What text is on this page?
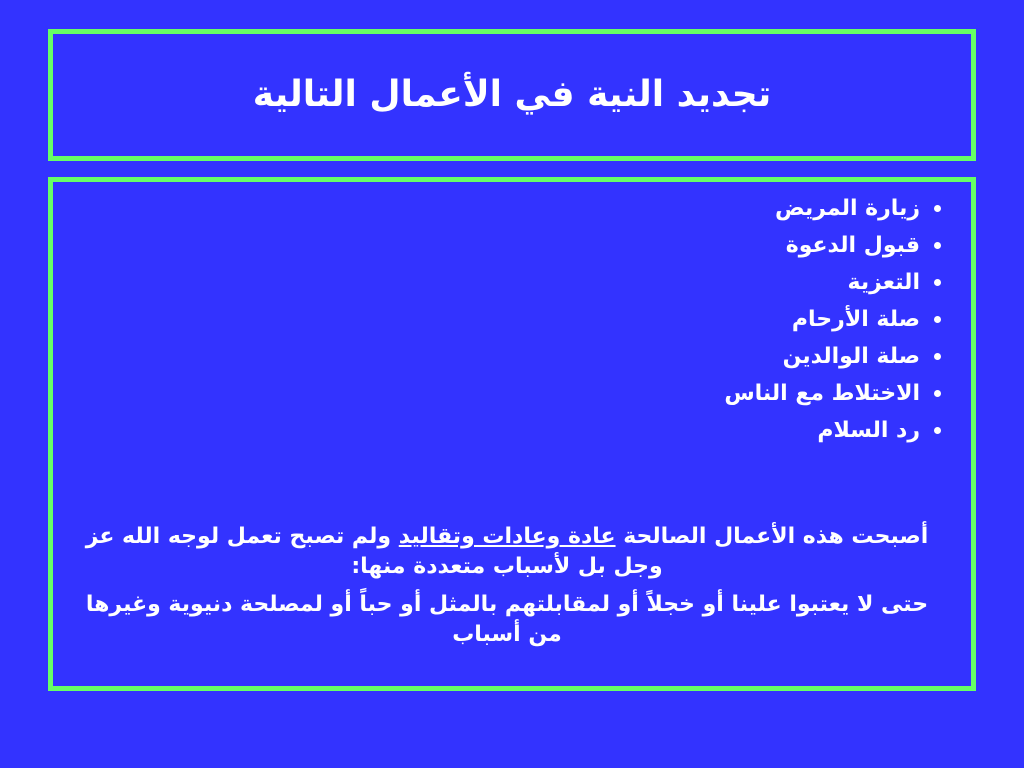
تجديد النية في الأعمال التالية
زيارة المريض
قبول الدعوة
التعزية
صلة الأرحام
صلة الوالدين
الاختلاط مع الناس
رد السلام

أصبحت هذه الأعمال الصالحة عادة وعادات وتقاليد ولم تصبح تعمل لوجه الله عز وجل بل لأسباب متعددة منها:

حتى لا يعتبوا علينا أو خجلاً أو لمقابلتهم بالمثل أو حباً أو لمصلحة دنيوية وغيرها من أسباب
